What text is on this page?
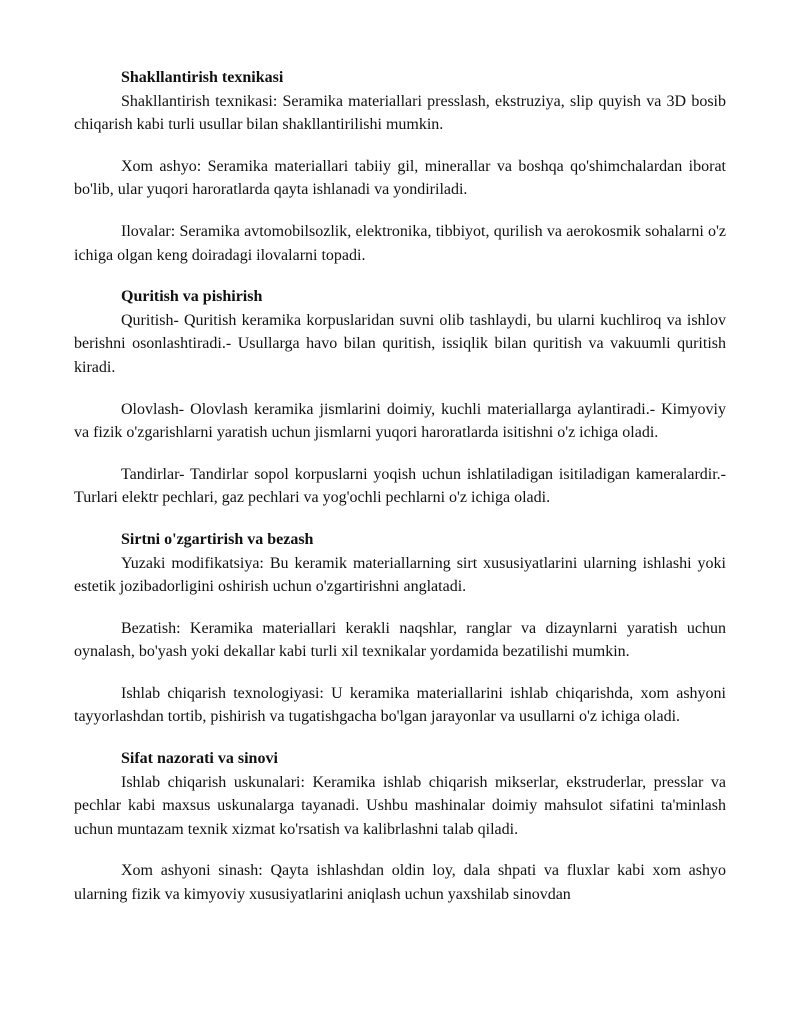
Shakllantirish texnikasi

Shakllantirish texnikasi: Seramika materiallari presslash, ekstruziya, slip quyish va 3D bosib chiqarish kabi turli usullar bilan shakllantirilishi mumkin.

Xom ashyo: Seramika materiallari tabiiy gil, minerallar va boshqa qo'shimchalardan iborat bo'lib, ular yuqori haroratlarda qayta ishlanadi va yondiriladi.

Ilovalar: Seramika avtomobilsozlik, elektronika, tibbiyot, qurilish va aerokosmik sohalarni o'z ichiga olgan keng doiradagi ilovalarni topadi.

Quritish va pishirish

Quritish- Quritish keramika korpuslaridan suvni olib tashlaydi, bu ularni kuchliroq va ishlov berishni osonlashtiradi.- Usullarga havo bilan quritish, issiqlik bilan quritish va vakuumli quritish kiradi.

Olovlash- Olovlash keramika jismlarini doimiy, kuchli materiallarga aylantiradi.- Kimyoviy va fizik o'zgarishlarni yaratish uchun jismlarni yuqori haroratlarda isitishni o'z ichiga oladi.

Tandirlar- Tandirlar sopol korpuslarni yoqish uchun ishlatiladigan isitiladigan kameralardir.- Turlari elektr pechlari, gaz pechlari va yog'ochli pechlarni o'z ichiga oladi.

Sirtni o'zgartirish va bezash

Yuzaki modifikatsiya: Bu keramik materiallarning sirt xususiyatlarini ularning ishlashi yoki estetik jozibadorligini oshirish uchun o'zgartirishni anglatadi.

Bezatish: Keramika materiallari kerakli naqshlar, ranglar va dizaynlarni yaratish uchun oynalash, bo'yash yoki dekallar kabi turli xil texnikalar yordamida bezatilishi mumkin.

Ishlab chiqarish texnologiyasi: U keramika materiallarini ishlab chiqarishda, xom ashyoni tayyorlashdan tortib, pishirish va tugatishgacha bo'lgan jarayonlar va usullarni o'z ichiga oladi.

Sifat nazorati va sinovi

Ishlab chiqarish uskunalari: Keramika ishlab chiqarish mikserlar, ekstruderlar, presslar va pechlar kabi maxsus uskunalarga tayanadi. Ushbu mashinalar doimiy mahsulot sifatini ta'minlash uchun muntazam texnik xizmat ko'rsatish va kalibrlashni talab qiladi.

Xom ashyoni sinash: Qayta ishlashdan oldin loy, dala shpati va fluxlar kabi xom ashyo ularning fizik va kimyoviy xususiyatlarini aniqlash uchun yaxshilab sinovdan
